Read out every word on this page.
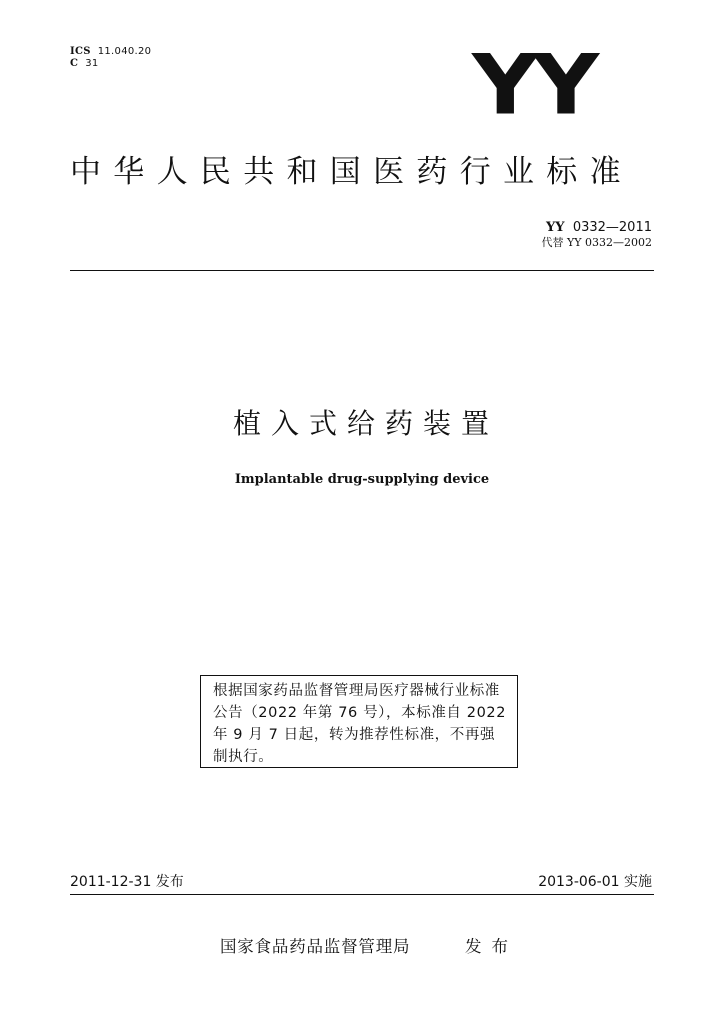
ICS 11.040.20
C 31	YY
中华人民共和国医药行业标准
YY 0332—2011
代替 YY 0332—2002
植入式给药装置
Implantable drug-supplying device

根据国家药品监督管理局医疗器械行业标准公告（2022 年第 76 号），本标准自 2022 年 9 月 7 日起，转为推荐性标准，不再强制执行。

2011-12-31 发布	2013-06-01 实施
国家食品药品监督管理局	发布
